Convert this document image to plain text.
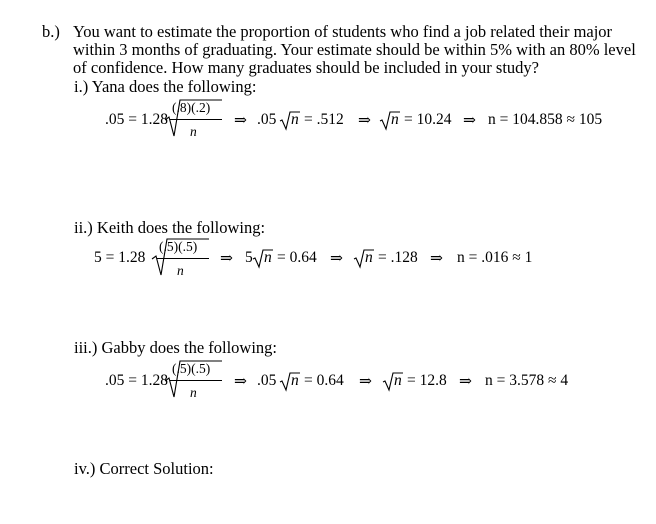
b.) You want to estimate the proportion of students who find a job related their major
within 3 months of graduating. Your estimate should be within 5% with an 80% level
of confidence. How many graduates should be included in your study?
i.) Yana does the following:
.05 = 1.28
(.8)(.2)
n
⇒ .05 n = .512 ⇒ n = 10.24 ⇒ n = 104.858 ≈ 105
ii.) Keith does the following:
5 = 1.28
(.5)(.5)
n
⇒ 5 n = 0.64 ⇒ n = .128 ⇒ n = .016 ≈ 1
iii.) Gabby does the following:
.05 = 1.28
(.5)(.5)
n
⇒ .05 n = 0.64 ⇒ n = 12.8 ⇒ n = 3.578 ≈ 4
iv.) Correct Solution:
